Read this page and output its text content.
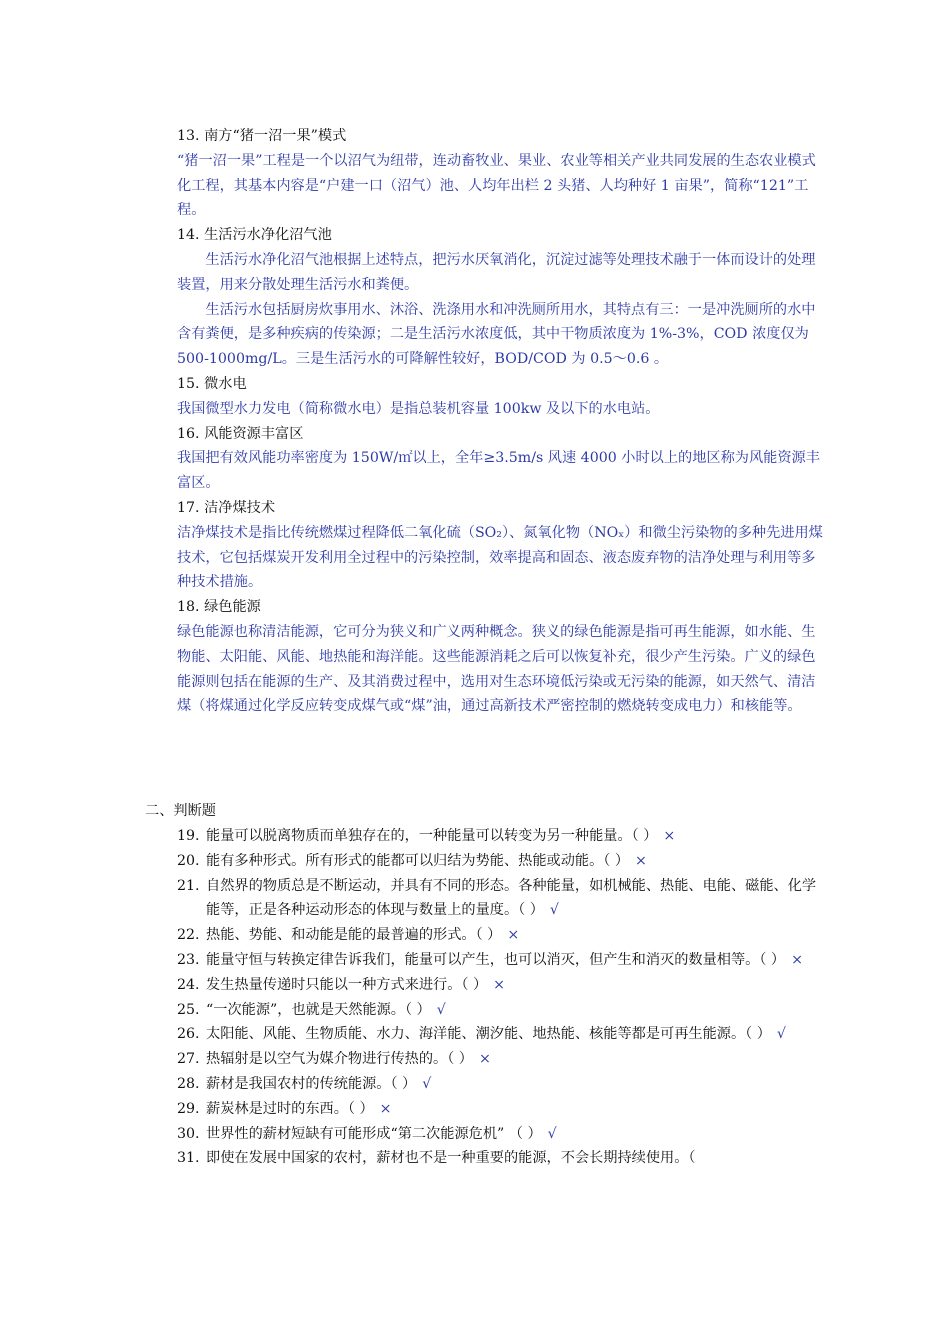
13. 南方“猪一沼一果”模式
“猪一沼一果”工程是一个以沼气为纽带，连动畜牧业、果业、农业等相关产业共同发展的生态农业模式化工程，其基本内容是“户建一口（沼气）池、人均年出栏 2 头猪、人均种好 1 亩果”，简称“121”工程。
14. 生活污水净化沼气池
生活污水净化沼气池根据上述特点，把污水厌氧消化，沉淀过滤等处理技术融于一体而设计的处理装置，用来分散处理生活污水和粪便。
生活污水包括厨房炊事用水、沐浴、洗涤用水和冲洗厕所用水，其特点有三：一是冲洗厕所的水中含有粪便，是多种疾病的传染源；二是生活污水浓度低，其中干物质浓度为 1%-3%，COD 浓度仅为 500-1000mg/L。三是生活污水的可降解性较好，BOD/COD 为 0.5～0.6 。
15. 微水电
我国微型水力发电（简称微水电）是指总装机容量 100kw 及以下的水电站。
16. 风能资源丰富区
我国把有效风能功率密度为 150W/㎡以上，全年≥3.5m/s 风速 4000 小时以上的地区称为风能资源丰富区。
17. 洁净煤技术
洁净煤技术是指比传统燃煤过程降低二氧化硫（SO₂）、氮氧化物（NOₓ）和微尘污染物的多种先进用煤技术，它包括煤炭开发利用全过程中的污染控制，效率提高和固态、液态废弃物的洁净处理与利用等多种技术措施。
18. 绿色能源
绿色能源也称清洁能源，它可分为狭义和广义两种概念。狭义的绿色能源是指可再生能源，如水能、生物能、太阳能、风能、地热能和海洋能。这些能源消耗之后可以恢复补充，很少产生污染。广义的绿色能源则包括在能源的生产、及其消费过程中，选用对生态环境低污染或无污染的能源，如天然气、清洁煤（将煤通过化学反应转变成煤气或“煤”油，通过高新技术严密控制的燃烧转变成电力）和核能等。
二、判断题
19. 能量可以脱离物质而单独存在的，一种能量可以转变为另一种能量。（ ） ×
20. 能有多种形式。所有形式的能都可以归结为势能、热能或动能。（ ） ×
21. 自然界的物质总是不断运动，并具有不同的形态。各种能量，如机械能、热能、电能、磁能、化学能等，正是各种运动形态的体现与数量上的量度。（ ） √
22. 热能、势能、和动能是能的最普遍的形式。（ ） ×
23. 能量守恒与转换定律告诉我们，能量可以产生，也可以消灭，但产生和消灭的数量相等。（ ） ×
24. 发生热量传递时只能以一种方式来进行。（ ） ×
25. “一次能源”，也就是天然能源。（ ） √
26. 太阳能、风能、生物质能、水力、海洋能、潮汐能、地热能、核能等都是可再生能源。（ ） √
27. 热辐射是以空气为媒介物进行传热的。（ ） ×
28. 薪材是我国农村的传统能源。（ ） √
29. 薪炭林是过时的东西。（ ） ×
30. 世界性的薪材短缺有可能形成“第二次能源危机” （ ） √
31. 即使在发展中国家的农村，薪材也不是一种重要的能源，不会长期持续使用。（
